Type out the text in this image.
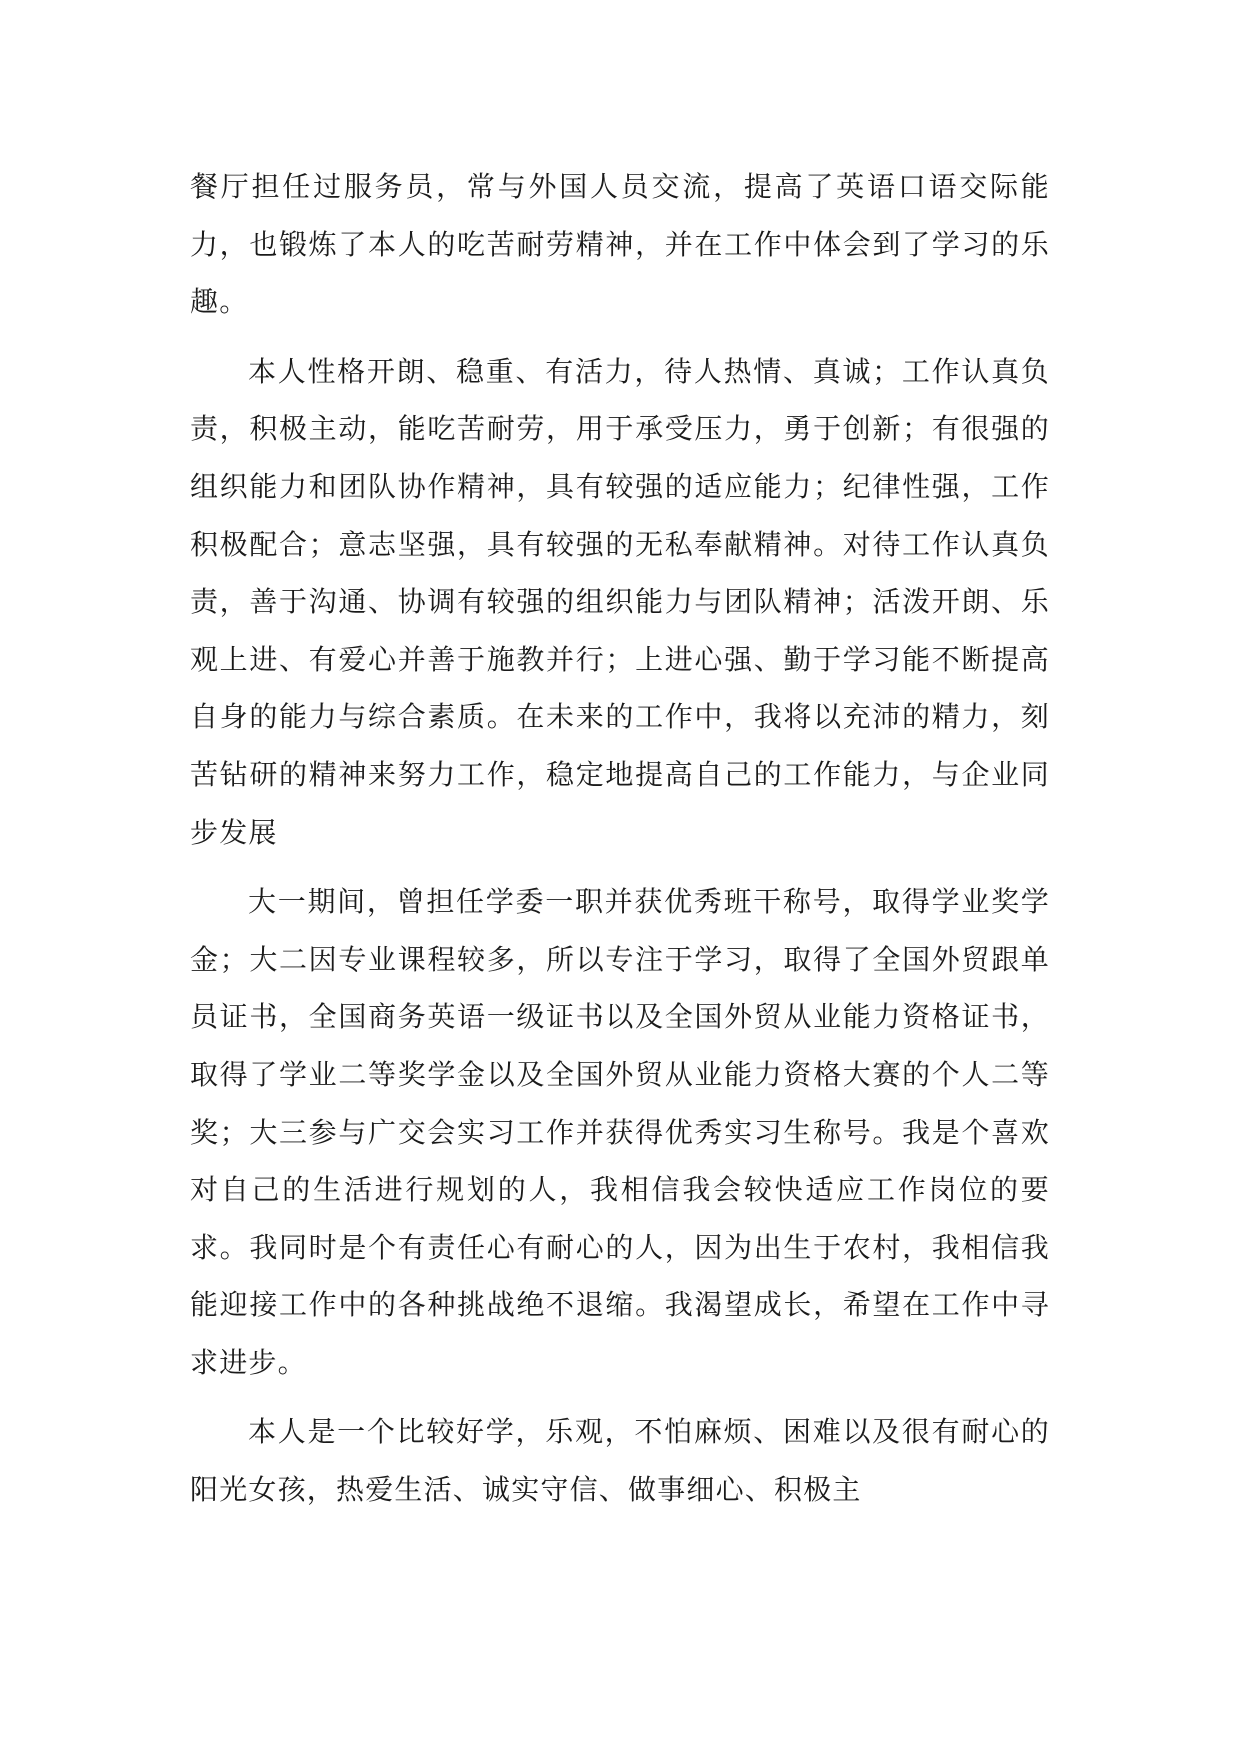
餐厅担任过服务员，常与外国人员交流，提高了英语口语交际能力，也锻炼了本人的吃苦耐劳精神，并在工作中体会到了学习的乐趣。

本人性格开朗、稳重、有活力，待人热情、真诚；工作认真负责，积极主动，能吃苦耐劳，用于承受压力，勇于创新；有很强的组织能力和团队协作精神，具有较强的适应能力；纪律性强，工作积极配合；意志坚强，具有较强的无私奉献精神。对待工作认真负责，善于沟通、协调有较强的组织能力与团队精神；活泼开朗、乐观上进、有爱心并善于施教并行；上进心强、勤于学习能不断提高自身的能力与综合素质。在未来的工作中，我将以充沛的精力，刻苦钻研的精神来努力工作，稳定地提高自己的工作能力，与企业同步发展

大一期间，曾担任学委一职并获优秀班干称号，取得学业奖学金；大二因专业课程较多，所以专注于学习，取得了全国外贸跟单员证书，全国商务英语一级证书以及全国外贸从业能力资格证书，取得了学业二等奖学金以及全国外贸从业能力资格大赛的个人二等奖；大三参与广交会实习工作并获得优秀实习生称号。我是个喜欢对自己的生活进行规划的人，我相信我会较快适应工作岗位的要求。我同时是个有责任心有耐心的人，因为出生于农村，我相信我能迎接工作中的各种挑战绝不退缩。我渴望成长，希望在工作中寻求进步。

本人是一个比较好学，乐观，不怕麻烦、困难以及很有耐心的阳光女孩，热爱生活、诚实守信、做事细心、积极主
